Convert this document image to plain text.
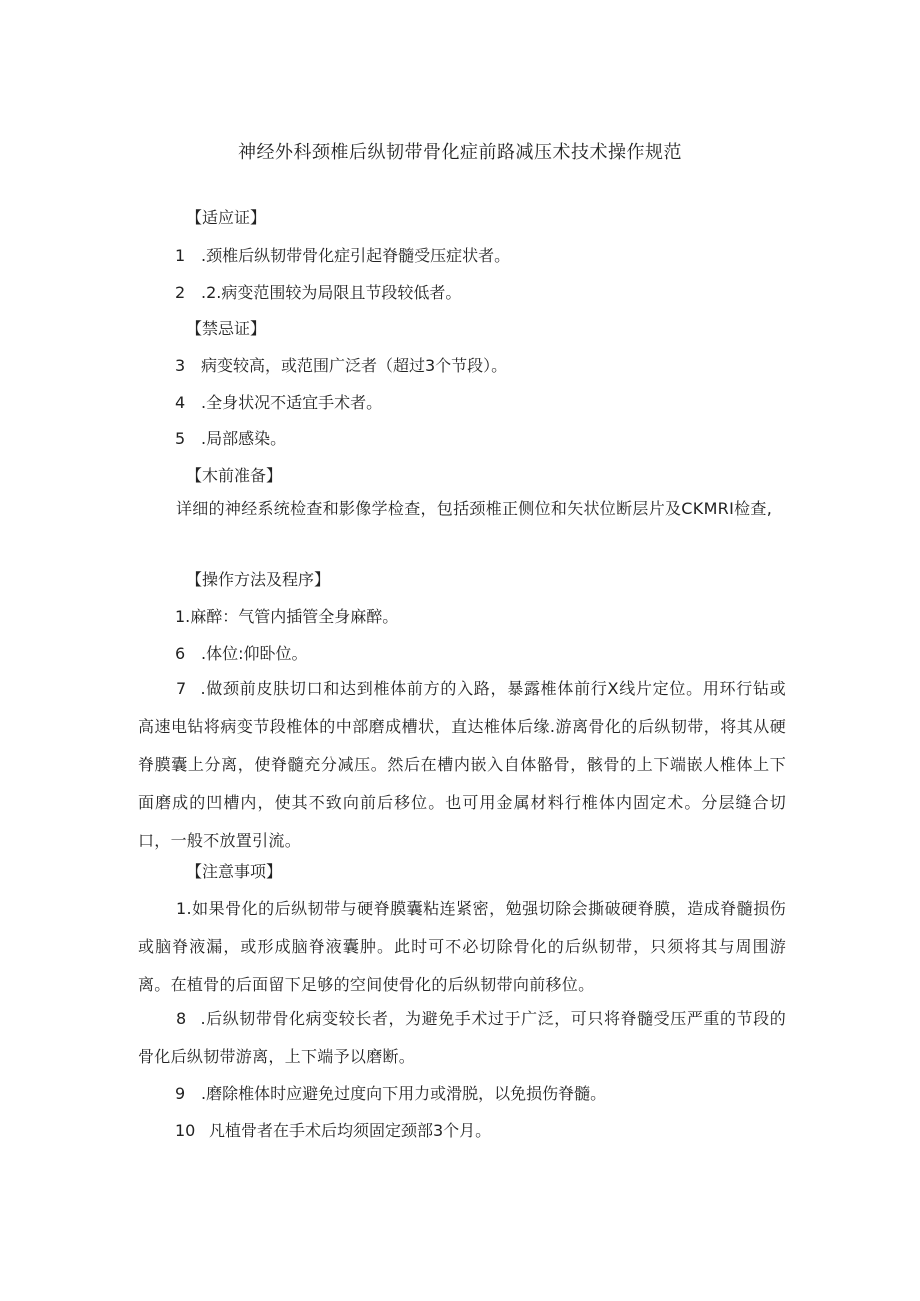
神经外科颈椎后纵韧带骨化症前路减压术技术操作规范
【适应证】
1 .颈椎后纵韧带骨化症引起脊髓受压症状者。
2 .2.病变范围较为局限且节段较低者。
【禁忌证】
3 病变较高，或范围广泛者（超过3个节段）。
4 .全身状况不适宜手术者。
5 .局部感染。
【木前准备】
详细的神经系统检查和影像学检查，包括颈椎正侧位和矢状位断层片及CKMRI检查,
【操作方法及程序】
1.麻醉：气管内插管全身麻醉。
6 .体位:仰卧位。
7 .做颈前皮肤切口和达到椎体前方的入路，暴露椎体前行X线片定位。用环行钻或高速电钻将病变节段椎体的中部磨成槽状，直达椎体后缘.游离骨化的后纵韧带，将其从硬脊膜囊上分离，使脊髓充分减压。然后在槽内嵌入自体骼骨，骸骨的上下端嵌人椎体上下面磨成的凹槽内，使其不致向前后移位。也可用金属材料行椎体内固定术。分层缝合切口，一般不放置引流。
【注意事项】
1.如果骨化的后纵韧带与硬脊膜囊粘连紧密，勉强切除会撕破硬脊膜，造成脊髓损伤或脑脊液漏，或形成脑脊液囊肿。此时可不必切除骨化的后纵韧带，只须将其与周围游离。在植骨的后面留下足够的空间使骨化的后纵韧带向前移位。
8 .后纵韧带骨化病变较长者，为避免手术过于广泛，可只将脊髓受压严重的节段的骨化后纵韧带游离，上下端予以磨断。
9 .磨除椎体时应避免过度向下用力或滑脱，以免损伤脊髓。
10 凡植骨者在手术后均须固定颈部3个月。
